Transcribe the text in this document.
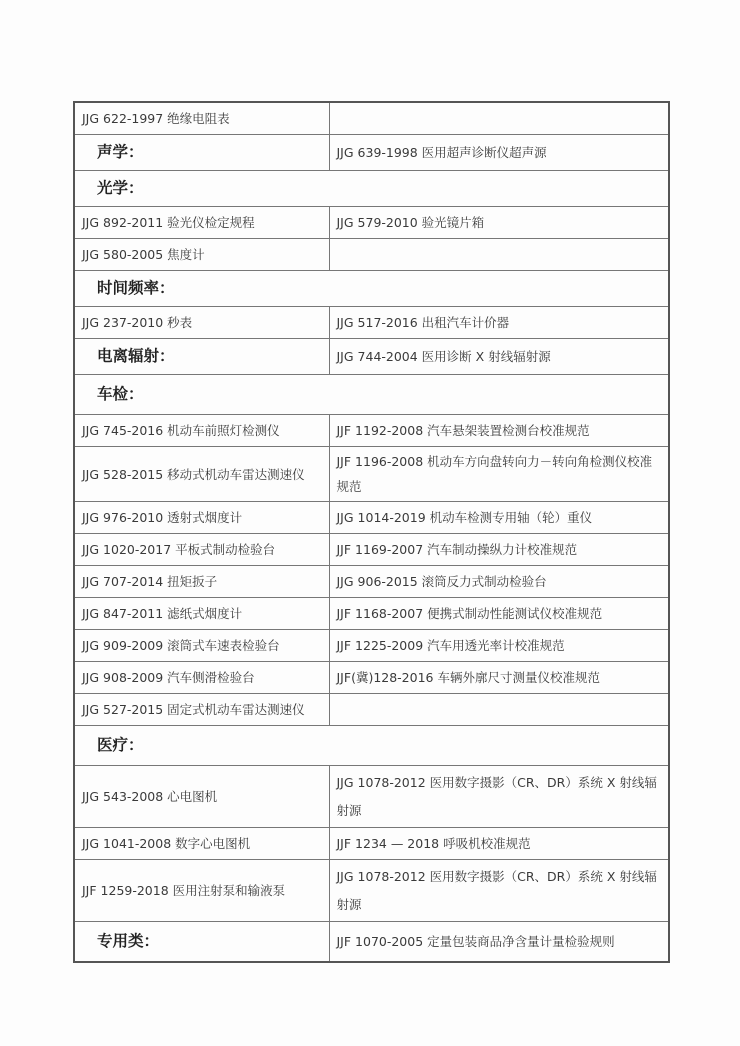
JJG 622-1997 绝缘电阻表	
声学：	JJG 639-1998 医用超声诊断仪超声源
光学：	
JJG 892-2011 验光仪检定规程	JJG 579-2010 验光镜片箱
JJG 580-2005 焦度计	
时间频率：	
JJG 237-2010 秒表	JJG 517-2016 出租汽车计价器
电离辐射：	JJG 744-2004 医用诊断 X 射线辐射源
车检：	
JJG 745-2016 机动车前照灯检测仪	JJF 1192-2008 汽车悬架装置检测台校准规范
JJG 528-2015 移动式机动车雷达测速仪	JJF 1196-2008 机动车方向盘转向力－转向角检测仪校准规范
JJG 976-2010 透射式烟度计	JJG 1014-2019 机动车检测专用轴（轮）重仪
JJG 1020-2017 平板式制动检验台	JJF 1169-2007 汽车制动操纵力计校准规范
JJG 707-2014 扭矩扳子	JJG 906-2015 滚筒反力式制动检验台
JJG 847-2011 滤纸式烟度计	JJF 1168-2007 便携式制动性能测试仪校准规范
JJG 909-2009 滚筒式车速表检验台	JJF 1225-2009 汽车用透光率计校准规范
JJG 908-2009 汽车侧滑检验台	JJF(冀)128-2016 车辆外廓尺寸测量仪校准规范
JJG 527-2015 固定式机动车雷达测速仪	
医疗：	
JJG 543-2008 心电图机	JJG 1078-2012 医用数字摄影（CR、DR）系统 X 射线辐射源
JJG 1041-2008 数字心电图机	JJF 1234 — 2018 呼吸机校准规范
JJF 1259-2018 医用注射泵和输液泵	JJG 1078-2012 医用数字摄影（CR、DR）系统 X 射线辐射源
专用类：	JJF 1070-2005 定量包装商品净含量计量检验规则
